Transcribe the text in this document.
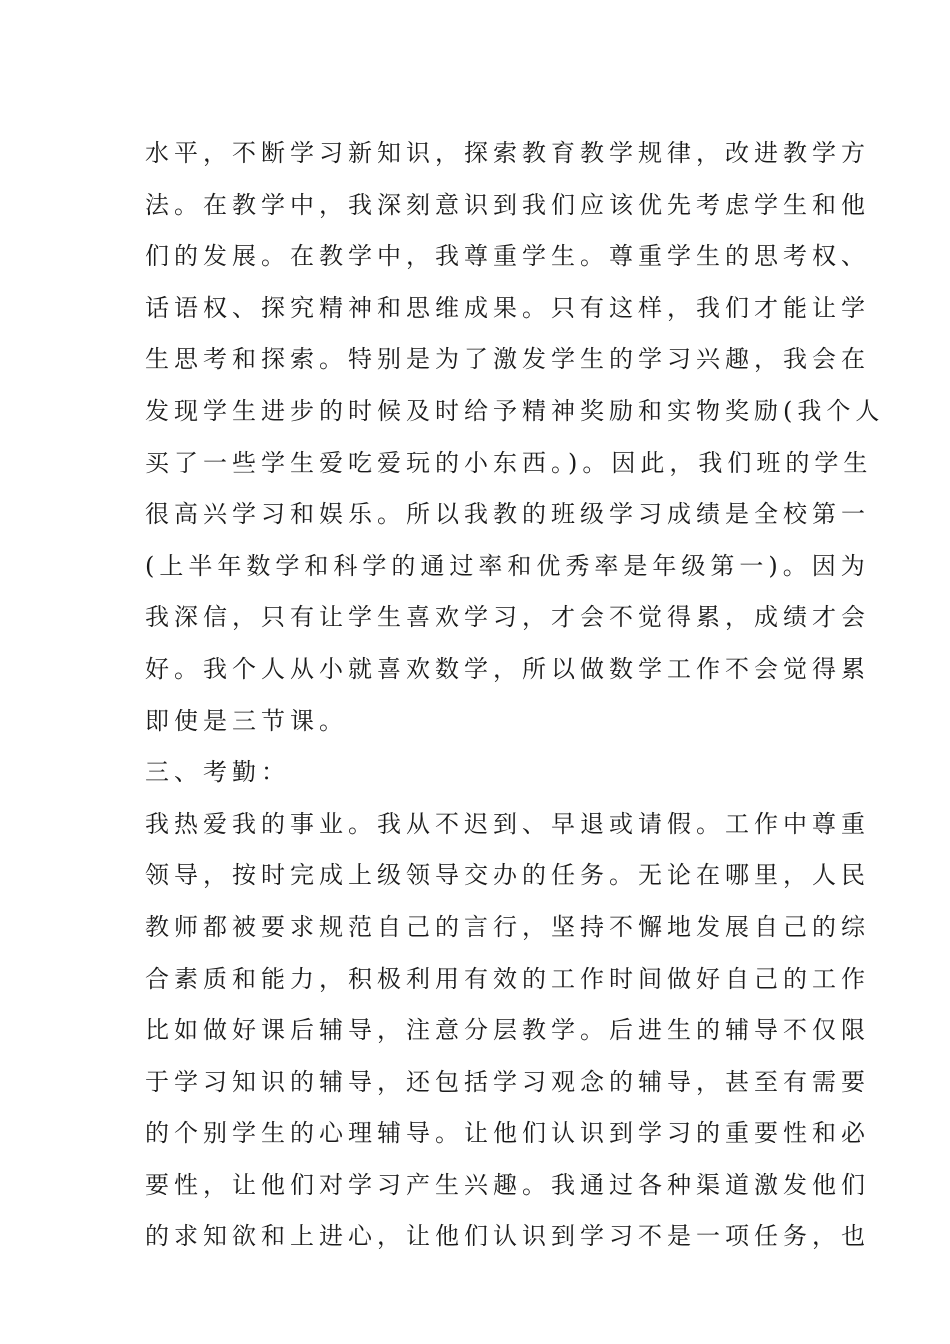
水平，不断学习新知识，探索教育教学规律，改进教学方
法。在教学中，我深刻意识到我们应该优先考虑学生和他
们的发展。在教学中，我尊重学生。尊重学生的思考权、
话语权、探究精神和思维成果。只有这样，我们才能让学
生思考和探索。特别是为了激发学生的学习兴趣，我会在
发现学生进步的时候及时给予精神奖励和实物奖励(我个人
买了一些学生爱吃爱玩的小东西。)。因此，我们班的学生
很高兴学习和娱乐。所以我教的班级学习成绩是全校第一
(上半年数学和科学的通过率和优秀率是年级第一)。因为
我深信，只有让学生喜欢学习，才会不觉得累，成绩才会
好。我个人从小就喜欢数学，所以做数学工作不会觉得累
即使是三节课。
三、考勤：
我热爱我的事业。我从不迟到、早退或请假。工作中尊重
领导，按时完成上级领导交办的任务。无论在哪里，人民
教师都被要求规范自己的言行，坚持不懈地发展自己的综
合素质和能力，积极利用有效的工作时间做好自己的工作
比如做好课后辅导，注意分层教学。后进生的辅导不仅限
于学习知识的辅导，还包括学习观念的辅导，甚至有需要
的个别学生的心理辅导。让他们认识到学习的重要性和必
要性，让他们对学习产生兴趣。我通过各种渠道激发他们
的求知欲和上进心，让他们认识到学习不是一项任务，也
